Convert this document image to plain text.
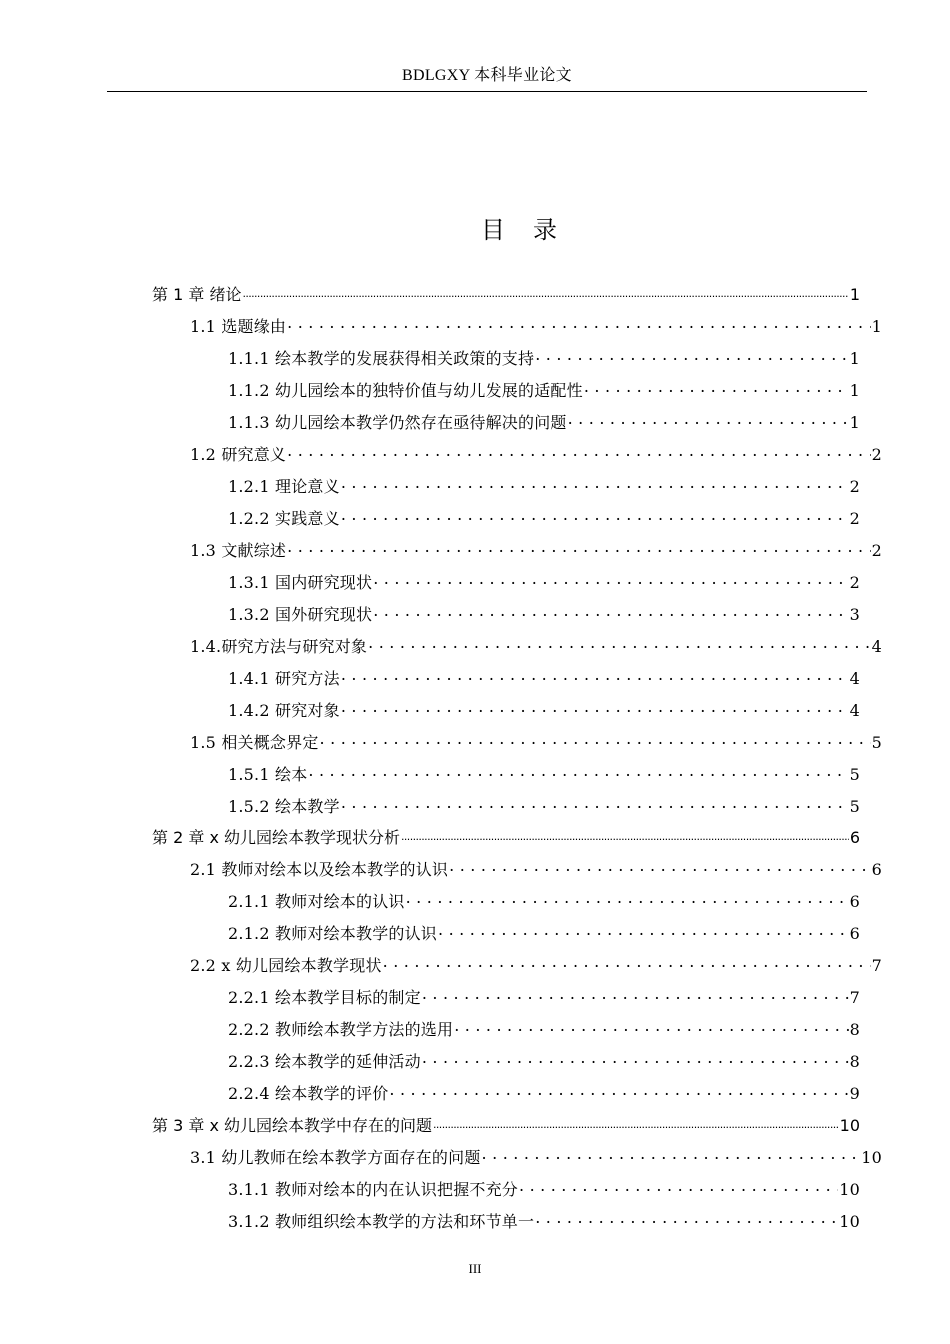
BDLGXY 本科毕业论文
目录
第 1 章 绪论 .....	1
1.1 选题缘由 . . .	1
1.1.1 绘本教学的发展获得相关政策的支持 . . .	1
1.1.2 幼儿园绘本的独特价值与幼儿发展的适配性 . . .	1
1.1.3 幼儿园绘本教学仍然存在亟待解决的问题 . . .	1
1.2 研究意义 . . .	2
1.2.1 理论意义 . . .	2
1.2.2 实践意义 . . .	2
1.3 文献综述 . . .	2
1.3.1 国内研究现状 . . .	2
1.3.2 国外研究现状 . . .	3
1.4.研究方法与研究对象 . . .	4
1.4.1 研究方法 . . .	4
1.4.2 研究对象 . . .	4
1.5 相关概念界定 . . .	5
1.5.1 绘本 . . .	5
1.5.2 绘本教学 . . .	5
第 2 章 x 幼儿园绘本教学现状分析 .....	6
2.1 教师对绘本以及绘本教学的认识 . . .	6
2.1.1 教师对绘本的认识 . . .	6
2.1.2 教师对绘本教学的认识 . . .	6
2.2 x 幼儿园绘本教学现状 . . .	7
2.2.1 绘本教学目标的制定 . . .	7
2.2.2 教师绘本教学方法的选用 . . .	8
2.2.3 绘本教学的延伸活动 . . .	8
2.2.4 绘本教学的评价 . . .	9
第 3 章 x 幼儿园绘本教学中存在的问题 .....	10
3.1 幼儿教师在绘本教学方面存在的问题 . . .	10
3.1.1 教师对绘本的内在认识把握不充分 . . .	10
3.1.2 教师组织绘本教学的方法和环节单一 . . .	10
III
